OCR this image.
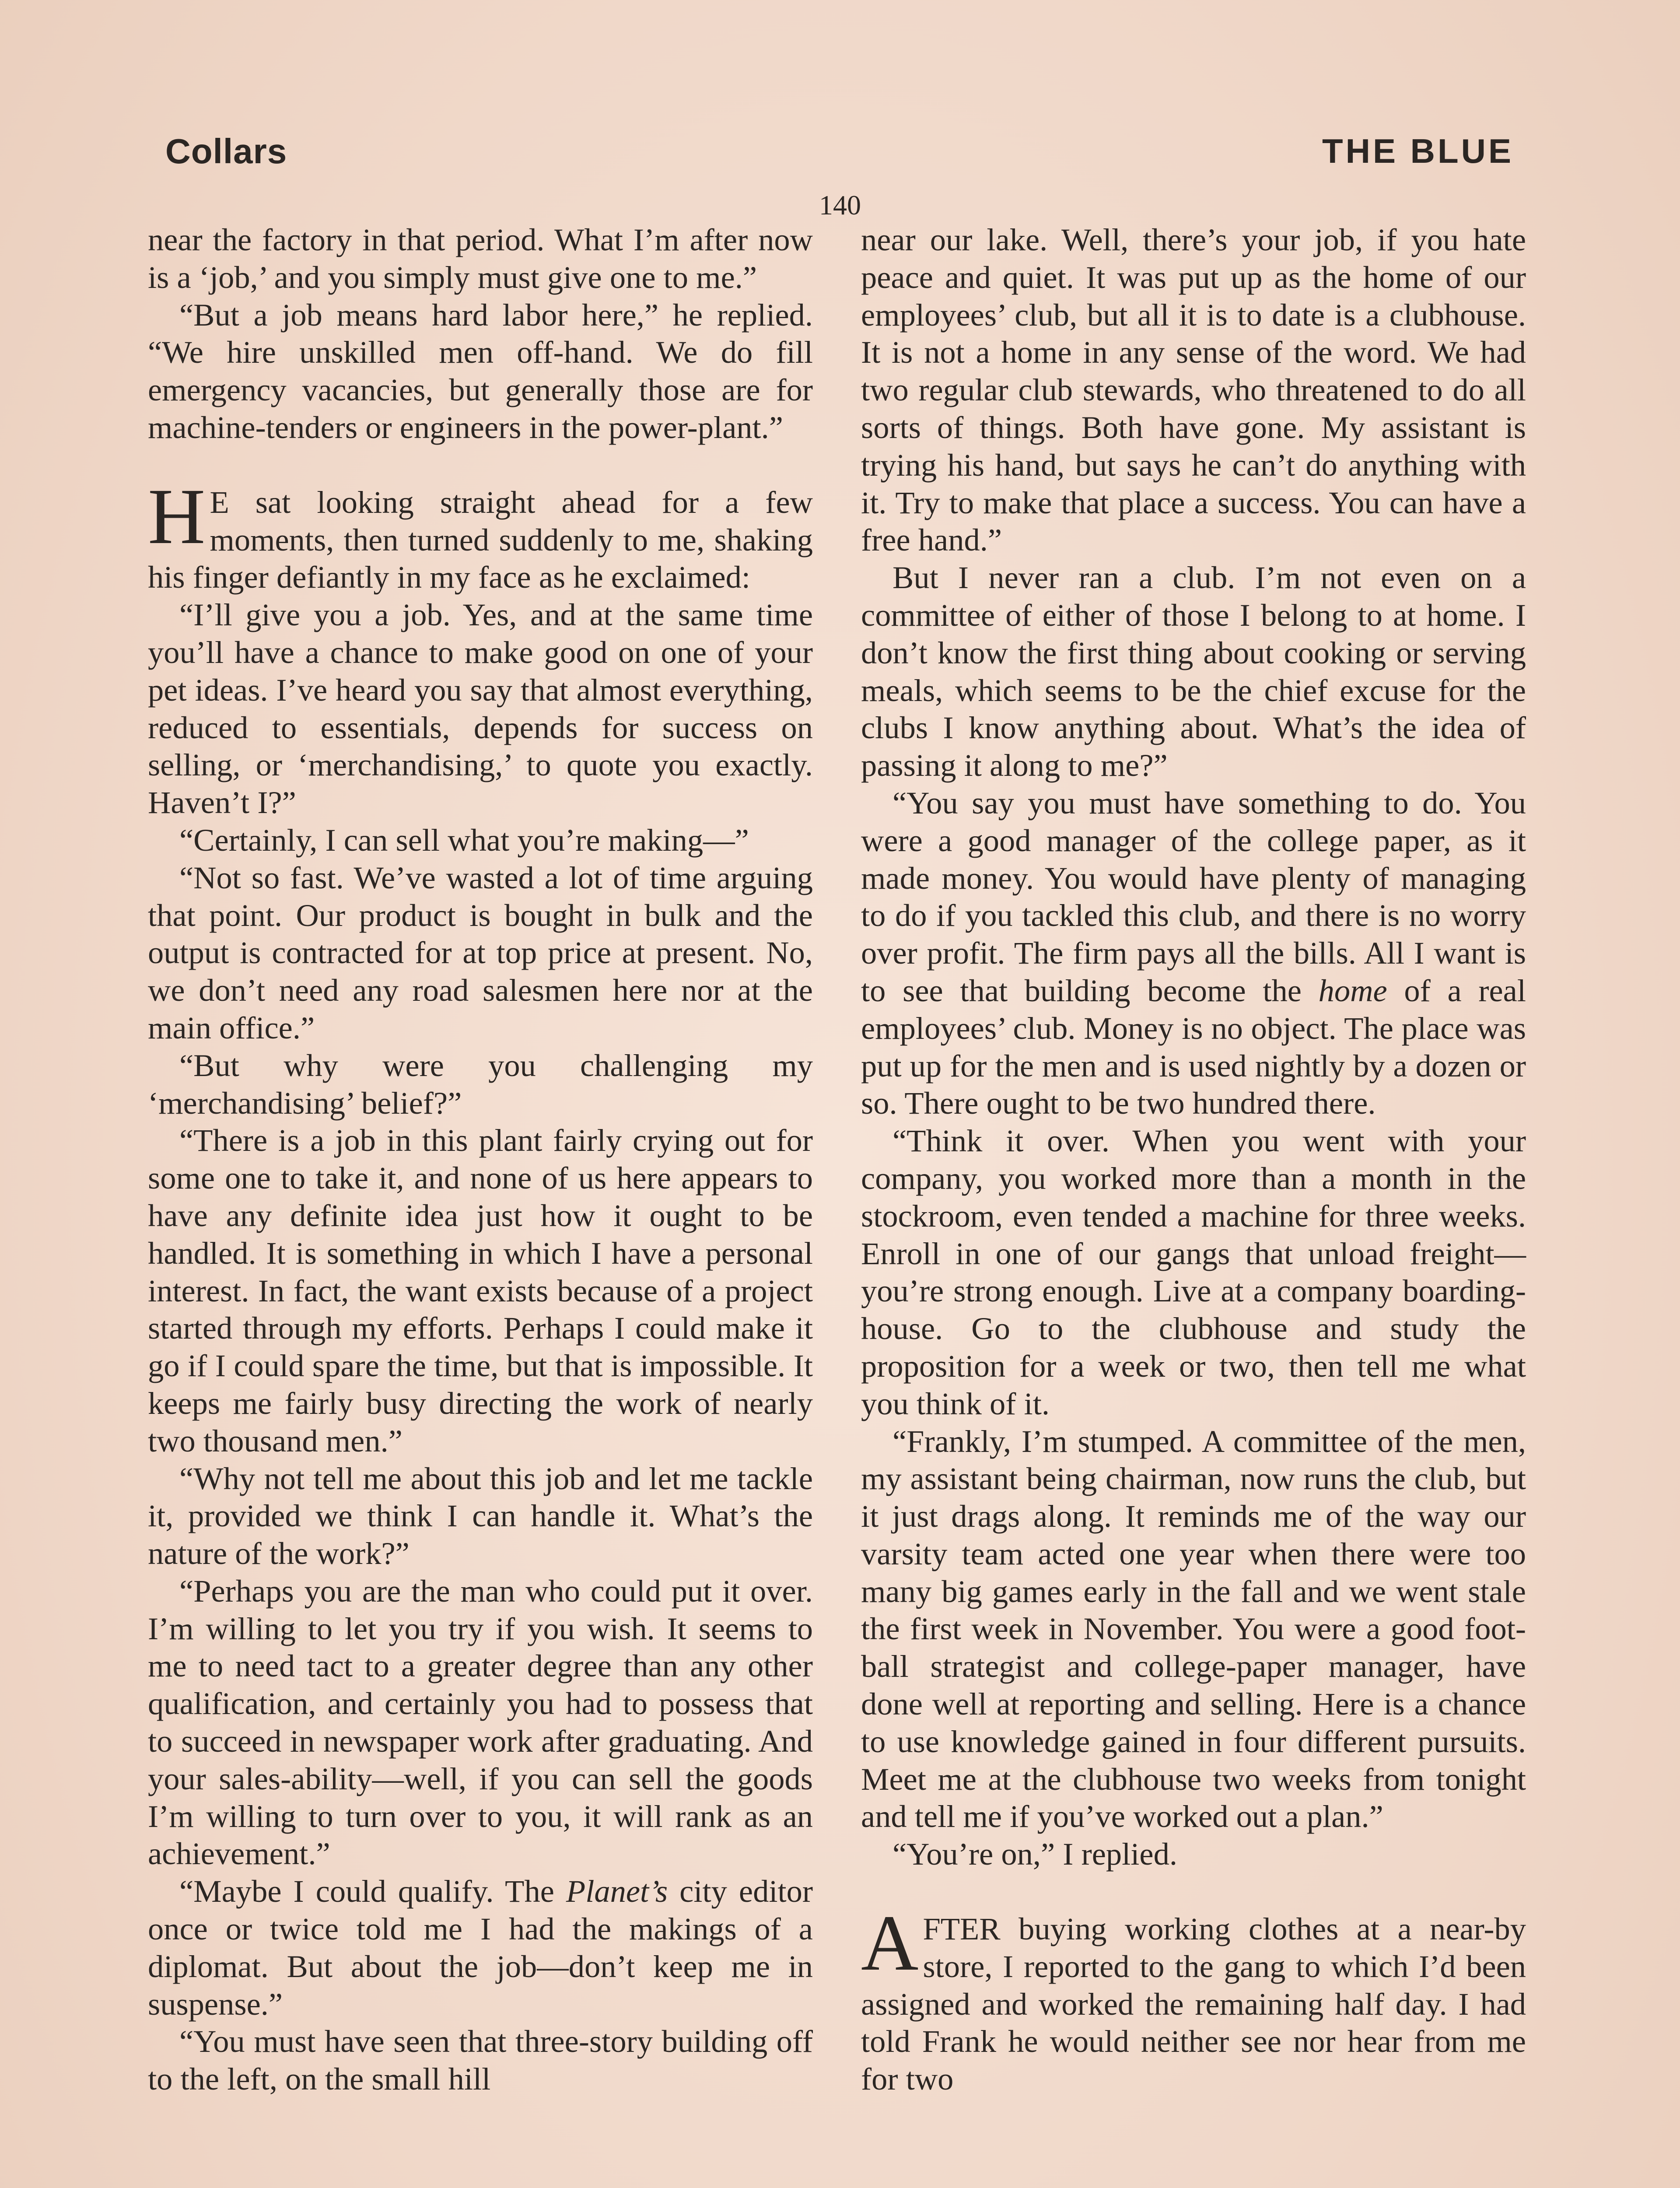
Collars	THE BLUE
140

near the factory in that period. What I’m after now is a ‘job,’ and you simply must give one to me.”

“But a job means hard labor here,” he replied. “We hire unskilled men off-hand. We do fill emergency vacancies, but generally those are for machine-tenders or engineers in the power-plant.”

H E sat looking straight ahead for a few moments, then turned suddenly to me, shaking his finger defiantly in my face as he exclaimed:

“I’ll give you a job. Yes, and at the same time you’ll have a chance to make good on one of your pet ideas. I’ve heard you say that almost everything, reduced to essentials, depends for success on selling, or ‘merchandising,’ to quote you exactly. Haven’t I?”

“Certainly, I can sell what you’re making—”

“Not so fast. We’ve wasted a lot of time arguing that point. Our product is bought in bulk and the output is contracted for at top price at present. No, we don’t need any road salesmen here nor at the main office.”

“But why were you challenging my ‘merchandising’ belief?”

“There is a job in this plant fairly crying out for some one to take it, and none of us here appears to have any definite idea just how it ought to be handled. It is something in which I have a personal interest. In fact, the want exists because of a project started through my efforts. Perhaps I could make it go if I could spare the time, but that is impossible. It keeps me fairly busy directing the work of nearly two thousand men.”

“Why not tell me about this job and let me tackle it, provided we think I can handle it. What’s the nature of the work?”

“Perhaps you are the man who could put it over. I’m willing to let you try if you wish. It seems to me to need tact to a greater degree than any other qualification, and certainly you had to possess that to succeed in newspaper work after graduating. And your sales-ability—well, if you can sell the goods I’m willing to turn over to you, it will rank as an achievement.”

“Maybe I could qualify. The Planet’s city editor once or twice told me I had the makings of a diplomat. But about the job—don’t keep me in suspense.”

“You must have seen that three-story building off to the left, on the small hill

near our lake. Well, there’s your job, if you hate peace and quiet. It was put up as the home of our employees’ club, but all it is to date is a clubhouse. It is not a home in any sense of the word. We had two regular club stewards, who threatened to do all sorts of things. Both have gone. My assistant is trying his hand, but says he can’t do anything with it. Try to make that place a success. You can have a free hand.”

But I never ran a club. I’m not even on a committee of either of those I belong to at home. I don’t know the first thing about cooking or serving meals, which seems to be the chief excuse for the clubs I know anything about. What’s the idea of passing it along to me?”

“You say you must have something to do. You were a good manager of the college paper, as it made money. You would have plenty of managing to do if you tackled this club, and there is no worry over profit. The firm pays all the bills. All I want is to see that building become the home of a real employees’ club. Money is no object. The place was put up for the men and is used nightly by a dozen or so. There ought to be two hundred there.

“Think it over. When you went with your company, you worked more than a month in the stockroom, even tended a machine for three weeks. Enroll in one of our gangs that unload freight—you’re strong enough. Live at a company boarding-house. Go to the clubhouse and study the proposition for a week or two, then tell me what you think of it.

“Frankly, I’m stumped. A committee of the men, my assistant being chairman, now runs the club, but it just drags along. It reminds me of the way our varsity team acted one year when there were too many big games early in the fall and we went stale the first week in November. You were a good foot-ball strategist and college-paper manager, have done well at reporting and selling. Here is a chance to use knowledge gained in four different pursuits. Meet me at the clubhouse two weeks from tonight and tell me if you’ve worked out a plan.”

“You’re on,” I replied.

AFTER buying working clothes at a near-by store, I reported to the gang to which I’d been assigned and worked the remaining half day. I had told Frank he would neither see nor hear from me for two
